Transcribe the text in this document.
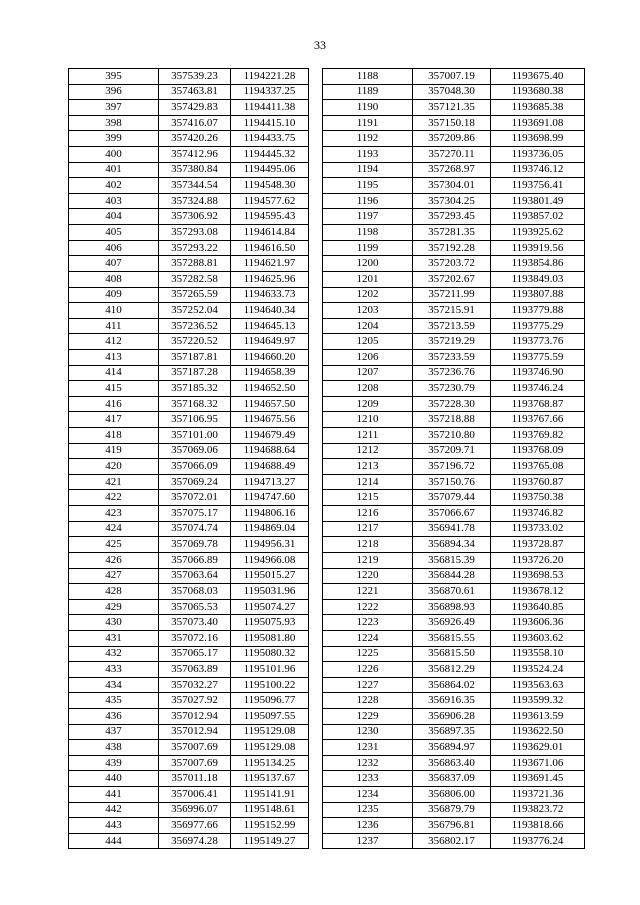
33
395	357539.23	1194221.28		1188	357007.19	1193675.40
396	357463.81	1194337.25		1189	357048.30	1193680.38
397	357429.83	1194411.38		1190	357121.35	1193685.38
398	357416.07	1194415.10		1191	357150.18	1193691.08
399	357420.26	1194433.75		1192	357209.86	1193698.99
400	357412.96	1194445.32		1193	357270.11	1193736.05
401	357380.84	1194495.06		1194	357268.97	1193746.12
402	357344.54	1194548.30		1195	357304.01	1193756.41
403	357324.88	1194577.62		1196	357304.25	1193801.49
404	357306.92	1194595.43		1197	357293.45	1193857.02
405	357293.08	1194614.84		1198	357281.35	1193925.62
406	357293.22	1194616.50		1199	357192.28	1193919.56
407	357288.81	1194621.97		1200	357203.72	1193854.86
408	357282.58	1194625.96		1201	357202.67	1193849.03
409	357265.59	1194633.73		1202	357211.99	1193807.88
410	357252.04	1194640.34		1203	357215.91	1193779.88
411	357236.52	1194645.13		1204	357213.59	1193775.29
412	357220.52	1194649.97		1205	357219.29	1193773.76
413	357187.81	1194660.20		1206	357233.59	1193775.59
414	357187.28	1194658.39		1207	357236.76	1193746.90
415	357185.32	1194652.50		1208	357230.79	1193746.24
416	357168.32	1194657.50		1209	357228.30	1193768.87
417	357106.95	1194675.56		1210	357218.88	1193767.66
418	357101.00	1194679.49		1211	357210.80	1193769.82
419	357069.06	1194688.64		1212	357209.71	1193768.09
420	357066.09	1194688.49		1213	357196.72	1193765.08
421	357069.24	1194713.27		1214	357150.76	1193760.87
422	357072.01	1194747.60		1215	357079.44	1193750.38
423	357075.17	1194806.16		1216	357066.67	1193746.82
424	357074.74	1194869.04		1217	356941.78	1193733.02
425	357069.78	1194956.31		1218	356894.34	1193728.87
426	357066.89	1194966.08		1219	356815.39	1193726.20
427	357063.64	1195015.27		1220	356844.28	1193698.53
428	357068.03	1195031.96		1221	356870.61	1193678.12
429	357065.53	1195074.27		1222	356898.93	1193640.85
430	357073.40	1195075.93		1223	356926.49	1193606.36
431	357072.16	1195081.80		1224	356815.55	1193603.62
432	357065.17	1195080.32		1225	356815.50	1193558.10
433	357063.89	1195101.96		1226	356812.29	1193524.24
434	357032.27	1195100.22		1227	356864.02	1193563.63
435	357027.92	1195096.77		1228	356916.35	1193599.32
436	357012.94	1195097.55		1229	356906.28	1193613.59
437	357012.94	1195129.08		1230	356897.35	1193622.50
438	357007.69	1195129.08		1231	356894.97	1193629.01
439	357007.69	1195134.25		1232	356863.40	1193671.06
440	357011.18	1195137.67		1233	356837.09	1193691.45
441	357006.41	1195141.91		1234	356806.00	1193721.36
442	356996.07	1195148.61		1235	356879.79	1193823.72
443	356977.66	1195152.99		1236	356796.81	1193818.66
444	356974.28	1195149.27		1237	356802.17	1193776.24
